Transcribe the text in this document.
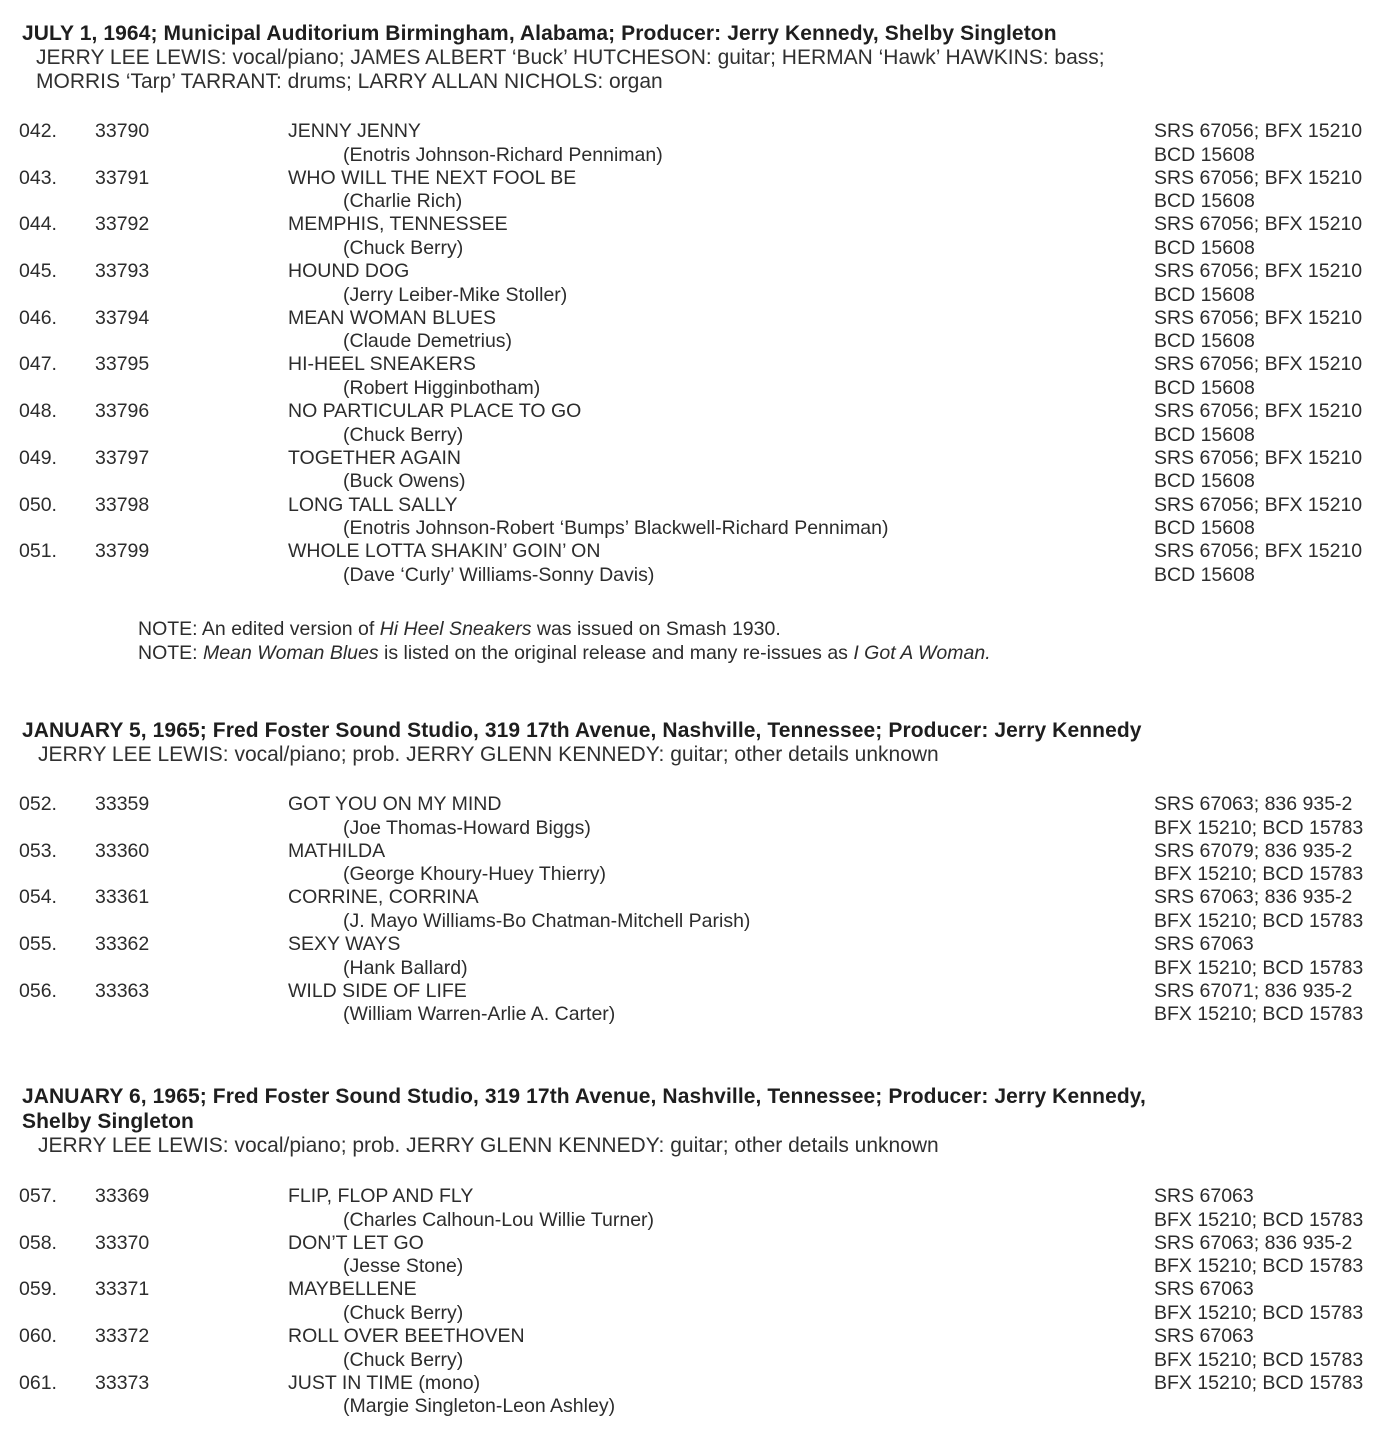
JULY 1, 1964; Municipal Auditorium Birmingham, Alabama; Producer: Jerry Kennedy, Shelby Singleton
JERRY LEE LEWIS: vocal/piano; JAMES ALBERT ‘Buck’ HUTCHESON: guitar; HERMAN ‘Hawk’ HAWKINS: bass;
MORRIS ‘Tarp’ TARRANT: drums; LARRY ALLAN NICHOLS: organ
042. 33790	JENNY JENNY
(Enotris Johnson-Richard Penniman)
SRS 67056; BFX 15210
BCD 15608
043. 33791	WHO WILL THE NEXT FOOL BE
(Charlie Rich)
SRS 67056; BFX 15210
BCD 15608
044. 33792	MEMPHIS, TENNESSEE
(Chuck Berry)
SRS 67056; BFX 15210
BCD 15608
045. 33793	HOUND DOG
(Jerry Leiber-Mike Stoller)
SRS 67056; BFX 15210
BCD 15608
046. 33794	MEAN WOMAN BLUES
(Claude Demetrius)
SRS 67056; BFX 15210
BCD 15608
047. 33795	HI-HEEL SNEAKERS
(Robert Higginbotham)
SRS 67056; BFX 15210
BCD 15608
048. 33796	NO PARTICULAR PLACE TO GO
(Chuck Berry)
SRS 67056; BFX 15210
BCD 15608
049. 33797	TOGETHER AGAIN
(Buck Owens)
SRS 67056; BFX 15210
BCD 15608
050. 33798	LONG TALL SALLY
(Enotris Johnson-Robert ‘Bumps’ Blackwell-Richard Penniman)
SRS 67056; BFX 15210
BCD 15608
051. 33799	WHOLE LOTTA SHAKIN’ GOIN’ ON
(Dave ‘Curly’ Williams-Sonny Davis)
SRS 67056; BFX 15210
BCD 15608
NOTE: An edited version of Hi Heel Sneakers was issued on Smash 1930.
NOTE: Mean Woman Blues is listed on the original release and many re-issues as I Got A Woman.
JANUARY 5, 1965; Fred Foster Sound Studio, 319 17th Avenue, Nashville, Tennessee; Producer: Jerry Kennedy
JERRY LEE LEWIS: vocal/piano; prob. JERRY GLENN KENNEDY: guitar; other details unknown
052. 33359	GOT YOU ON MY MIND
(Joe Thomas-Howard Biggs)
SRS 67063; 836 935-2
BFX 15210; BCD 15783
053. 33360	MATHILDA
(George Khoury-Huey Thierry)
SRS 67079; 836 935-2
BFX 15210; BCD 15783
054. 33361	CORRINE, CORRINA
(J. Mayo Williams-Bo Chatman-Mitchell Parish)
SRS 67063; 836 935-2
BFX 15210; BCD 15783
055. 33362	SEXY WAYS
(Hank Ballard)
SRS 67063
BFX 15210; BCD 15783
056. 33363	WILD SIDE OF LIFE
(William Warren-Arlie A. Carter)
SRS 67071; 836 935-2
BFX 15210; BCD 15783
JANUARY 6, 1965; Fred Foster Sound Studio, 319 17th Avenue, Nashville, Tennessee; Producer: Jerry Kennedy,
Shelby Singleton
JERRY LEE LEWIS: vocal/piano; prob. JERRY GLENN KENNEDY: guitar; other details unknown
057. 33369	FLIP, FLOP AND FLY
(Charles Calhoun-Lou Willie Turner)
SRS 67063
BFX 15210; BCD 15783
058. 33370	DON’T LET GO
(Jesse Stone)
SRS 67063; 836 935-2
BFX 15210; BCD 15783
059. 33371	MAYBELLENE
(Chuck Berry)
SRS 67063
BFX 15210; BCD 15783
060. 33372	ROLL OVER BEETHOVEN
(Chuck Berry)
SRS 67063
BFX 15210; BCD 15783
061. 33373	JUST IN TIME (mono)
(Margie Singleton-Leon Ashley)
BFX 15210; BCD 15783
